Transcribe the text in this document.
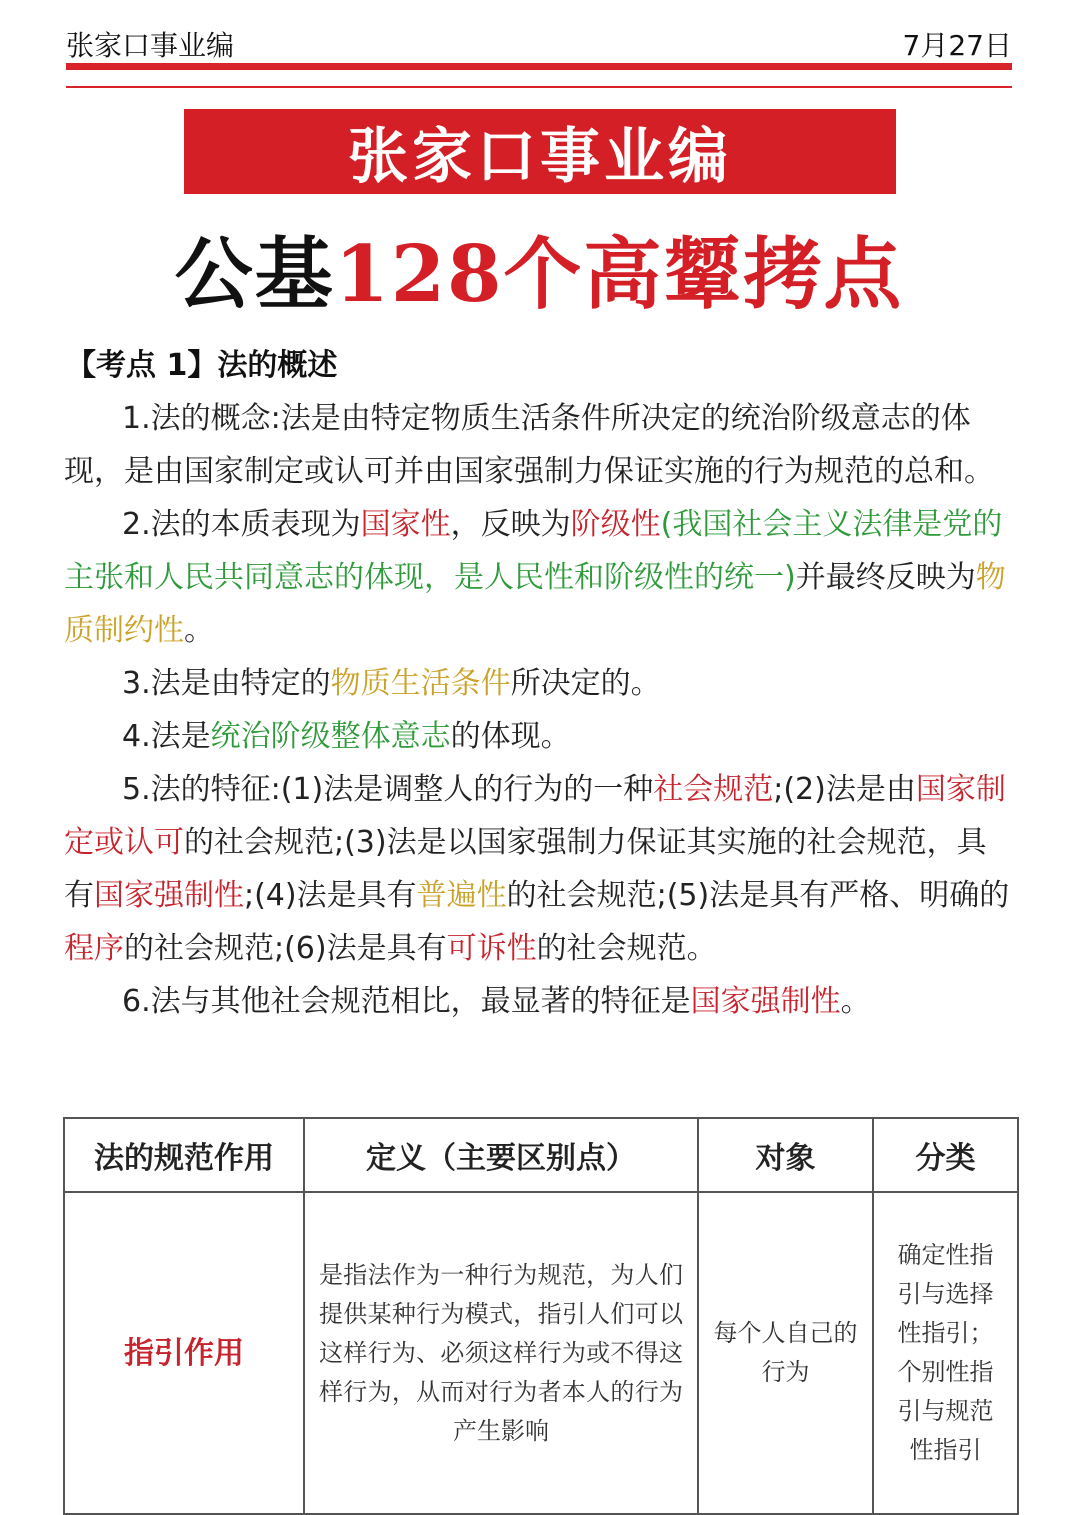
张家口事业编	7月27日
张家口事业编
公基 128个高颦拷点
【考点 1】法的概述

1.法的概念:法是由特定物质生活条件所决定的统治阶级意志的体现，是由国家制定或认可并由国家强制力保证实施的行为规范的总和。

2.法的本质表现为国家性，反映为阶级性(我国社会主义法律是党的主张和人民共同意志的体现，是人民性和阶级性的统一)并最终反映为物质制约性。

3.法是由特定的物质生活条件所决定的。

4.法是统治阶级整体意志的体现。

5.法的特征:(1)法是调整人的行为的一种社会规范;(2)法是由国家制定或认可的社会规范;(3)法是以国家强制力保证其实施的社会规范，具有国家强制性;(4)法是具有普遍性的社会规范;(5)法是具有严格、明确的程序的社会规范;(6)法是具有可诉性的社会规范。

6.法与其他社会规范相比，最显著的特征是国家强制性。

法的规范作用	定义（主要区别点）	对象	分类
指引作用	是指法作为一种行为规范，为人们提供某种行为模式，指引人们可以这样行为、必须这样行为或不得这样行为，从而对行为者本人的行为产生影响	每个人自己的行为	确定性指引与选择性指引；个别性指引与规范性指引
